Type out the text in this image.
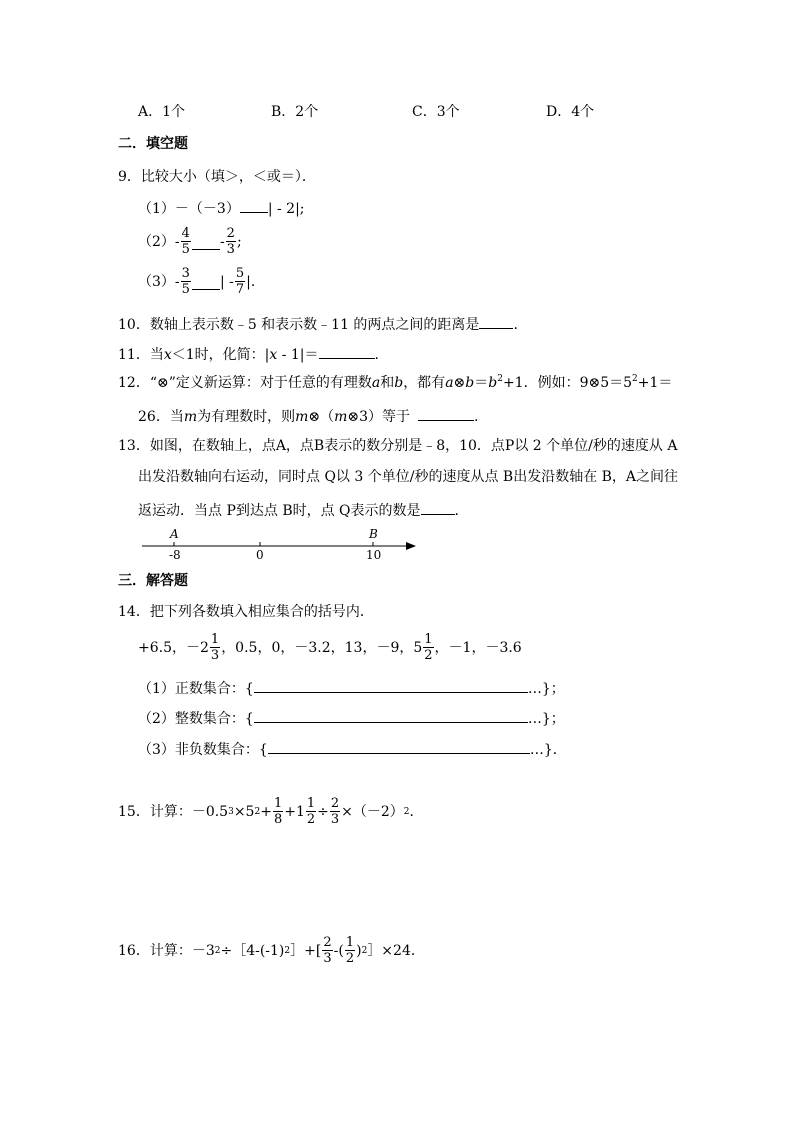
A．1个	B．2个	C．3个	D．4个
二．填空题
9．比较大小（填＞，＜或＝）．
（1）－（－3） | - 2|;
$(2) - \frac{4}{5} - \frac{2}{3}$ ;
$(3) - \frac{3}{5}$ | - $\frac{5}{7}$ |.
10．数轴上表示数﹣5 和表示数﹣11 的两点之间的距离是 .
11．当x＜1时，化简：|x - 1|＝	.
12．“⊗”定义新运算：对于任意的有理数a和b，都有$a\otimes b=b^2+1$．例如：$9\otimes 5=5^2+1=$
26．当m为有理数时，则m⊗（m⊗3）等于	.
13．如图，在数轴上，点A，点B表示的数分别是﹣8，10．点P以 2 个单位/秒的速度从 A
出发沿数轴向右运动，同时点 Q以 3 个单位/秒的速度从点 B出发沿数轴在 B，A之间往
返运动．当点 P到达点 B时，点 Q表示的数是 .
A	B
-8	0	10
三．解答题
14．把下列各数填入相应集合的括号内．
+6.5，$-2 \frac{1}{3}$ ，0.5，0，－3.2，13，－9，$5 \frac{1}{2}$ ，－1，－3.6
（1）正数集合：{	…}；
（2）整数集合：{	…}；
（3）非负数集合：{	…}．
15．计算：－0.5 3 ×5 $2 + \frac{1}{8} +1 \frac{1}{2} \div \frac{2}{3} \times(-2)$ 2 ．
16．计算：－3 2 ÷［4-(-1) 2 ］+[ $\frac{2}{3}$ -( $\frac{1}{2}$ ) 2 ］×24．
